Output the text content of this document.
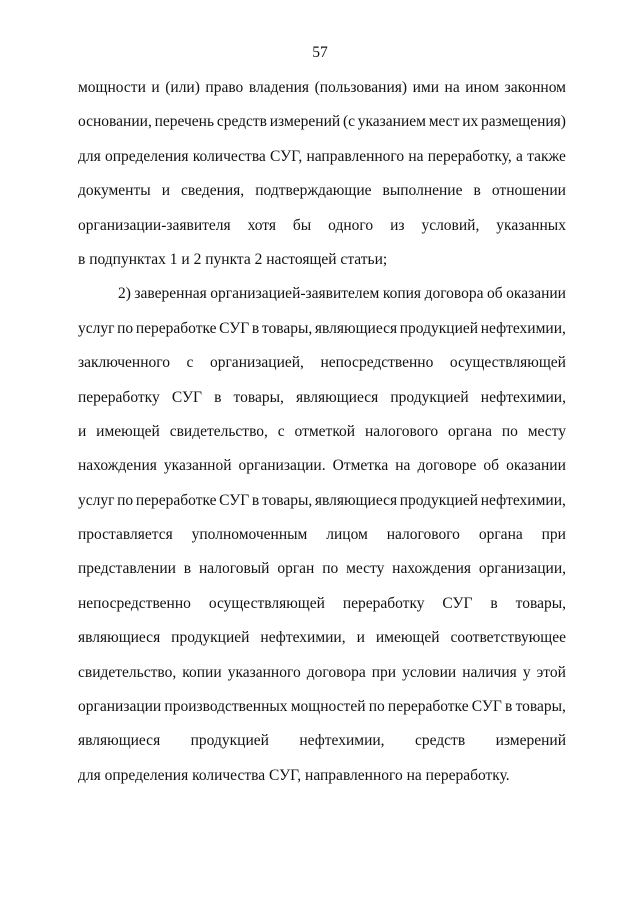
57
мощности и (или) право владения (пользования) ими на ином законном
основании, перечень средств измерений (с указанием мест их размещения)
для определения количества СУГ, направленного на переработку, а также
документы и сведения, подтверждающие выполнение в отношении
организации-заявителя хотя бы одного из условий, указанных
в подпунктах 1 и 2 пункта 2 настоящей статьи;
2) заверенная организацией-заявителем копия договора об оказании
услуг по переработке СУГ в товары, являющиеся продукцией нефтехимии,
заключенного с организацией, непосредственно осуществляющей
переработку СУГ в товары, являющиеся продукцией нефтехимии,
и имеющей свидетельство, с отметкой налогового органа по месту
нахождения указанной организации. Отметка на договоре об оказании
услуг по переработке СУГ в товары, являющиеся продукцией нефтехимии,
проставляется уполномоченным лицом налогового органа при
представлении в налоговый орган по месту нахождения организации,
непосредственно осуществляющей переработку СУГ в товары,
являющиеся продукцией нефтехимии, и имеющей соответствующее
свидетельство, копии указанного договора при условии наличия у этой
организации производственных мощностей по переработке СУГ в товары,
являющиеся продукцией нефтехимии, средств измерений
для определения количества СУГ, направленного на переработку.
